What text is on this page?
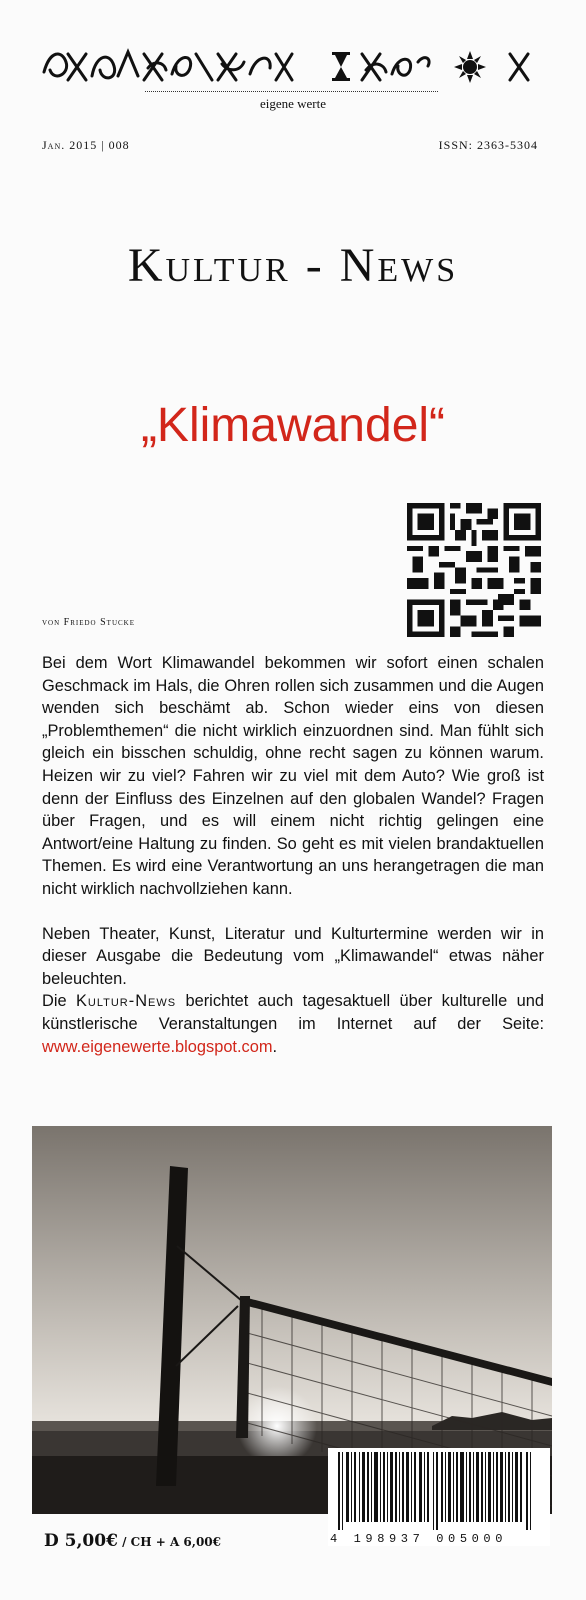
eigene werte
Jan. 2015 | 008	ISSN: 2363-5304
Kultur - News
„Klimawandel“
von Friedo Stucke

Bei dem Wort Klimawandel bekommen wir sofort einen schalen Geschmack im Hals, die Ohren rollen sich zusammen und die Augen wenden sich beschämt ab. Schon wieder eins von diesen „Problemthemen“ die nicht wirklich einzuordnen sind. Man fühlt sich gleich ein bisschen schuldig, ohne recht sagen zu können warum. Heizen wir zu viel? Fahren wir zu viel mit dem Auto? Wie groß ist denn der Einfluss des Einzelnen auf den globalen Wandel? Fragen über Fragen, und es will einem nicht richtig gelingen eine Antwort/eine Haltung zu finden. So geht es mit vielen brandaktuellen Themen. Es wird eine Verantwortung an uns herangetragen die man nicht wirklich nachvollziehen kann.

Neben Theater, Kunst, Literatur und Kulturtermine werden wir in dieser Ausgabe die Bedeutung vom „Klimawandel“ etwas näher beleuchten.
Die Kultur-News berichtet auch tagesaktuell über kulturelle und künstlerische Veranstaltungen im Internet auf der Seite: www.eigenewerte.blogspot.com.

4 198937 005000
D 5,00€ / CH + A 6,00€
